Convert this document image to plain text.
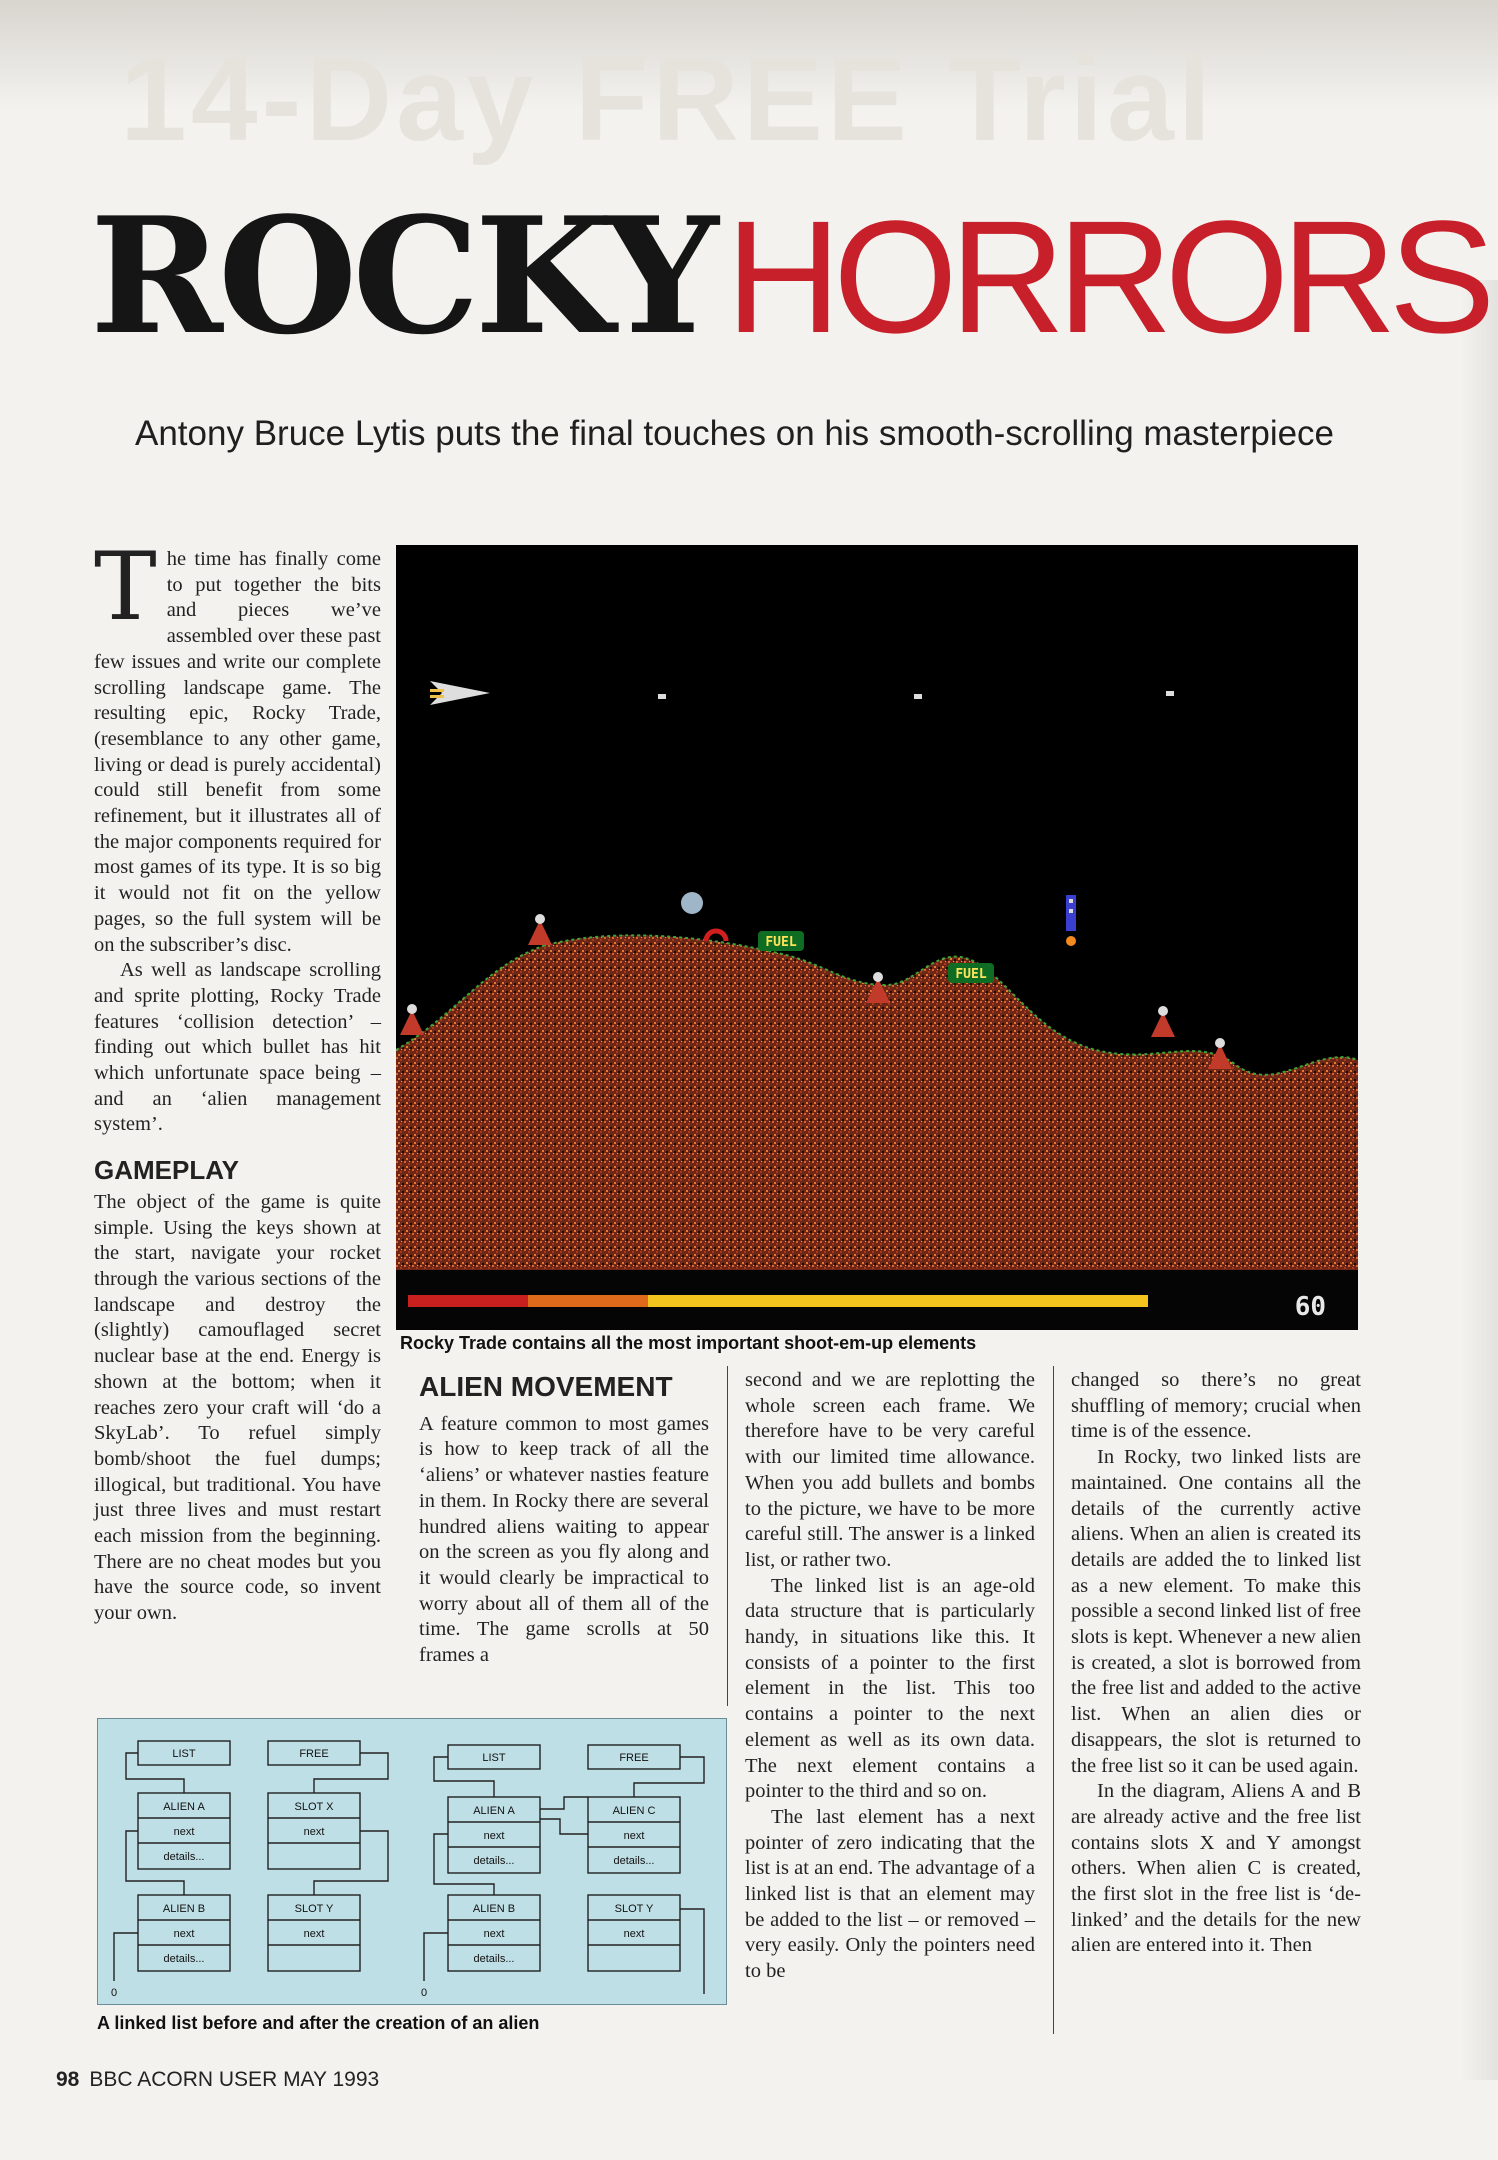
14-Day FREE Trial
ROCKYHORRORS

Antony Bruce Lytis puts the final touches on his smooth-scrolling masterpiece

The time has finally come to put together the bits and pieces we’ve assembled over these past few issues and write our complete scrolling landscape game. The resulting epic, Rocky Trade, (resemblance to any other game, living or dead is purely accidental) could still benefit from some refinement, but it illustrates all of the major components required for most games of its type. It is so big it would not fit on the yellow pages, so the full system will be on the subscriber’s disc.

As well as landscape scrolling and sprite plotting, Rocky Trade features ‘collision detection’ – finding out which bullet has hit which unfortunate space being – and an ‘alien management system’.

GAMEPLAY

The object of the game is quite simple. Using the keys shown at the start, navigate your rocket through the various sections of the landscape and destroy the (slightly) camouflaged secret nuclear base at the end. Energy is shown at the bottom; when it reaches zero your craft will ‘do a SkyLab’. To refuel simply bomb/shoot the fuel dumps; illogical, but traditional. You have just three lives and must restart each mission from the beginning. There are no cheat modes but you have the source code, so invent your own.

FUEL
FUEL
60
Rocky Trade contains all the most important shoot-em-up elements
ALIEN MOVEMENT

A feature common to most games is how to keep track of all the ‘aliens’ or whatever nasties feature in them. In Rocky there are several hundred aliens waiting to appear on the screen as you fly along and it would clearly be impractical to worry about all of them all of the time. The game scrolls at 50 frames a

second and we are replotting the whole screen each frame. We therefore have to be very careful with our limited time allowance. When you add bullets and bombs to the picture, we have to be more careful still. The answer is a linked list, or rather two.

The linked list is an age-old data structure that is particularly handy, in situations like this. It consists of a pointer to the first element in the list. This too contains a pointer to the next element as well as its own data. The next element contains a pointer to the third and so on.

The last element has a next pointer of zero indicating that the list is at an end. The advantage of a linked list is that an element may be added to the list – or removed – very easily. Only the pointers need to be

changed so there’s no great shuffling of memory; crucial when time is of the essence.

In Rocky, two linked lists are maintained. One contains all the details of the currently active aliens. When an alien is created its details are added the to linked list as a new element. To make this possible a second linked list of free slots is kept. Whenever a new alien is created, a slot is borrowed from the free list and added to the active list. When an alien dies or disappears, the slot is returned to the free list so it can be used again.

In the diagram, Aliens A and B are already active and the free list contains slots X and Y amongst others. When alien C is created, the first slot in the free list is ‘de-linked’ and the details for the new alien are entered into it. Then

LIST	FREE
ALIEN A
next
details...
SLOT X
next
ALIEN B
next
details...
SLOT Y
next
0
LIST	FREE
ALIEN A
next
details...
ALIEN C
next
details...
ALIEN B
next
details...
SLOT Y
next
0
A linked list before and after the creation of an alien
98 BBC ACORN USER MAY 1993
